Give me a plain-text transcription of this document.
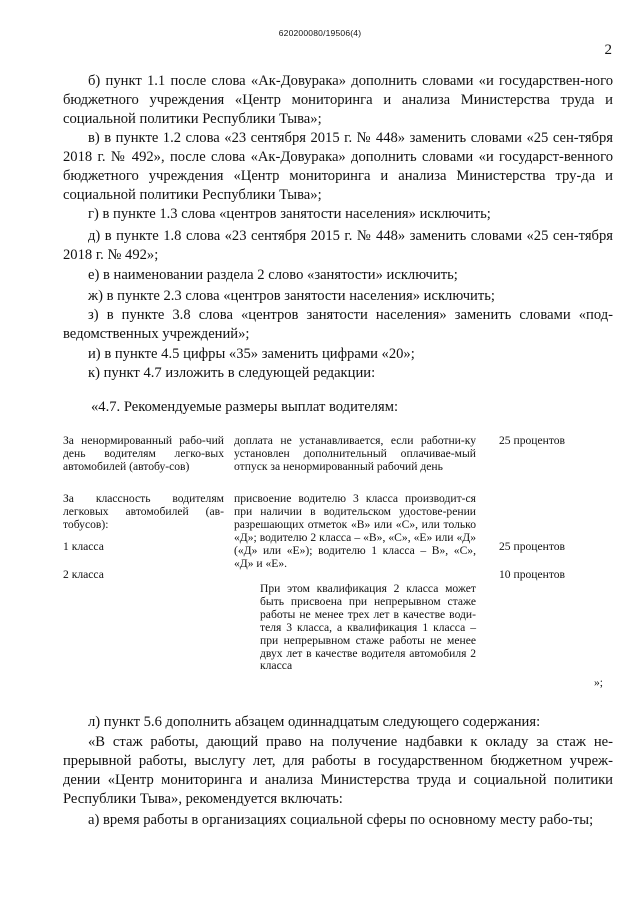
620200080/19506(4)
2

б) пункт 1.1 после слова «Ак-Довурака» дополнить словами «и государствен-ного бюджетного учреждения «Центр мониторинга и анализа Министерства труда и социальной политики Республики Тыва»;

в) в пункте 1.2 слова «23 сентября 2015 г. № 448» заменить словами «25 сен-тября 2018 г. № 492», после слова «Ак-Довурака» дополнить словами «и государст-венного бюджетного учреждения «Центр мониторинга и анализа Министерства тру-да и социальной политики Республики Тыва»;

г) в пункте 1.3 слова «центров занятости населения» исключить;

д) в пункте 1.8 слова «23 сентября 2015 г. № 448» заменить словами «25 сен-тября 2018 г. № 492»;

е) в наименовании раздела 2 слово «занятости» исключить;

ж) в пункте 2.3 слова «центров занятости населения» исключить;

з) в пункте 3.8 слова «центров занятости населения» заменить словами «под-ведомственных учреждений»;

и) в пункте 4.5 цифры «35» заменить цифрами «20»;

к) пункт 4.7 изложить в следующей редакции:

«4.7. Рекомендуемые размеры выплат водителям:

За ненормированный рабо-чий день водителям легко-вых автомобилей (автобу-сов)

доплата не устанавливается, если работни-ку установлен дополнительный оплачивае-мый отпуск за ненормированный рабочий день

25 процентов

За классность водителям легковых автомобилей (ав-тобусов):

присвоение водителю 3 класса производит-ся при наличии в водительском удостове-рении разрешающих отметок «В» или «С», или только «Д»; водителю 2 класса – «В», «С», «Е» или «Д» («Д» или «Е»); водителю 1 класса – В», «С», «Д» и «Е».

При этом квалификация 2 класса может быть присвоена при непрерывном стаже работы не менее трех лет в качестве води-теля 3 класса, а квалификация 1 класса – при непрерывном стаже работы не менее двух лет в качестве водителя автомобиля 2 класса

1 класса	25 процентов

2 класса	10 процентов

»;

л) пункт 5.6 дополнить абзацем одиннадцатым следующего содержания:

«В стаж работы, дающий право на получение надбавки к окладу за стаж не-прерывной работы, выслугу лет, для работы в государственном бюджетном учреж-дении «Центр мониторинга и анализа Министерства труда и социальной политики Республики Тыва», рекомендуется включать:

а) время работы в организациях социальной сферы по основному месту рабо-ты;
